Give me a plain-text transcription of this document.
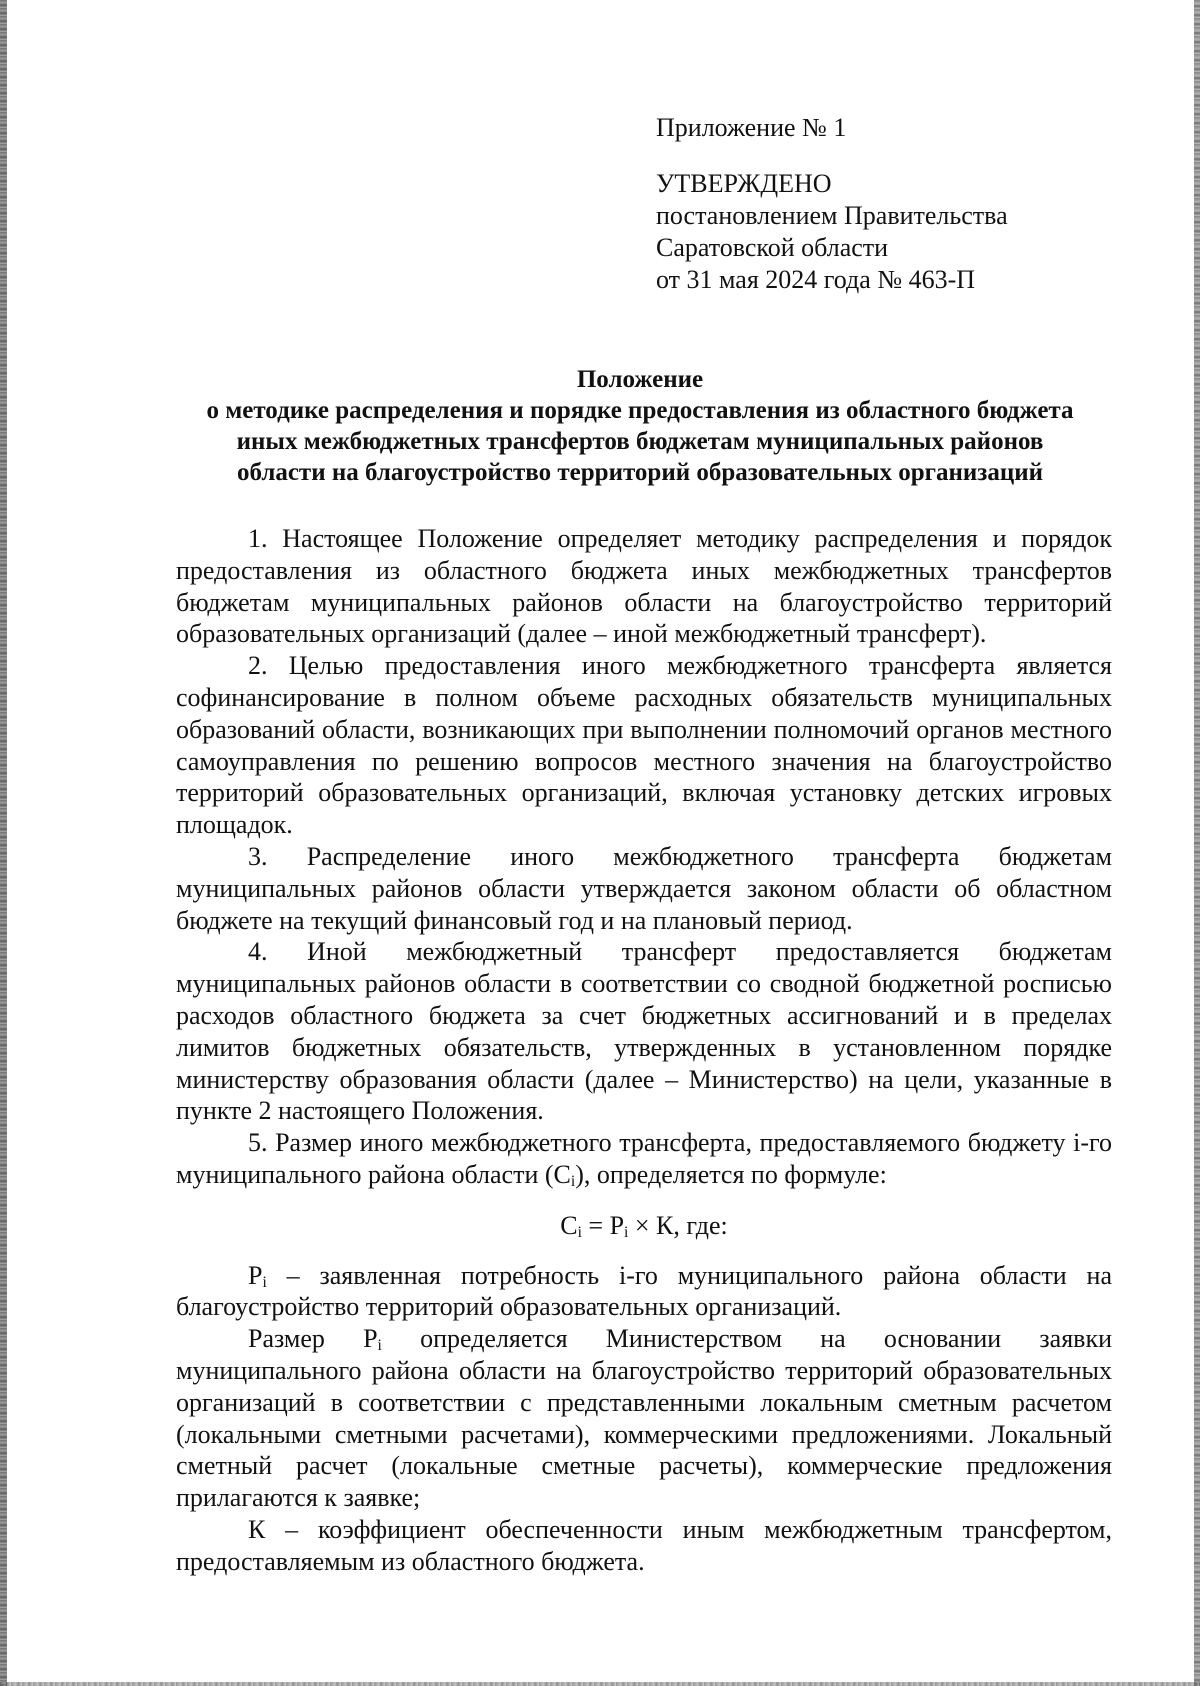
Приложение № 1
УТВЕРЖДЕНО
постановлением Правительства
Саратовской области
от 31 мая 2024 года № 463-П
Положение
о методике распределения и порядке предоставления из областного бюджета
иных межбюджетных трансфертов бюджетам муниципальных районов
области на благоустройство территорий образовательных организаций

1. Настоящее Положение определяет методику распределения и порядок предоставления из областного бюджета иных межбюджетных трансфертов бюджетам муниципальных районов области на благоустройство территорий образовательных организаций (далее – иной межбюджетный трансферт).

2. Целью предоставления иного межбюджетного трансферта является софинансирование в полном объеме расходных обязательств муниципальных образований области, возникающих при выполнении полномочий органов местного самоуправления по решению вопросов местного значения на благоустройство территорий образовательных организаций, включая установку детских игровых площадок.

3. Распределение иного межбюджетного трансферта бюджетам муниципальных районов области утверждается законом области об областном бюджете на текущий финансовый год и на плановый период.

4. Иной межбюджетный трансферт предоставляется бюджетам муниципальных районов области в соответствии со сводной бюджетной росписью расходов областного бюджета за счет бюджетных ассигнований и в пределах лимитов бюджетных обязательств, утвержденных в установленном порядке министерству образования области (далее – Министерство) на цели, указанные в пункте 2 настоящего Положения.

5. Размер иного межбюджетного трансферта, предоставляемого бюджету i-го муниципального района области $(C_i)$, определяется по формуле:

$C_i = P_i \times К$, где:

$P_i$ – заявленная потребность i-го муниципального района области на благоустройство территорий образовательных организаций.

Размер $P_i$ определяется Министерством на основании заявки муниципального района области на благоустройство территорий образовательных организаций в соответствии с представленными локальным сметным расчетом (локальными сметными расчетами), коммерческими предложениями. Локальный сметный расчет (локальные сметные расчеты), коммерческие предложения прилагаются к заявке;

К – коэффициент обеспеченности иным межбюджетным трансфертом, предоставляемым из областного бюджета.
